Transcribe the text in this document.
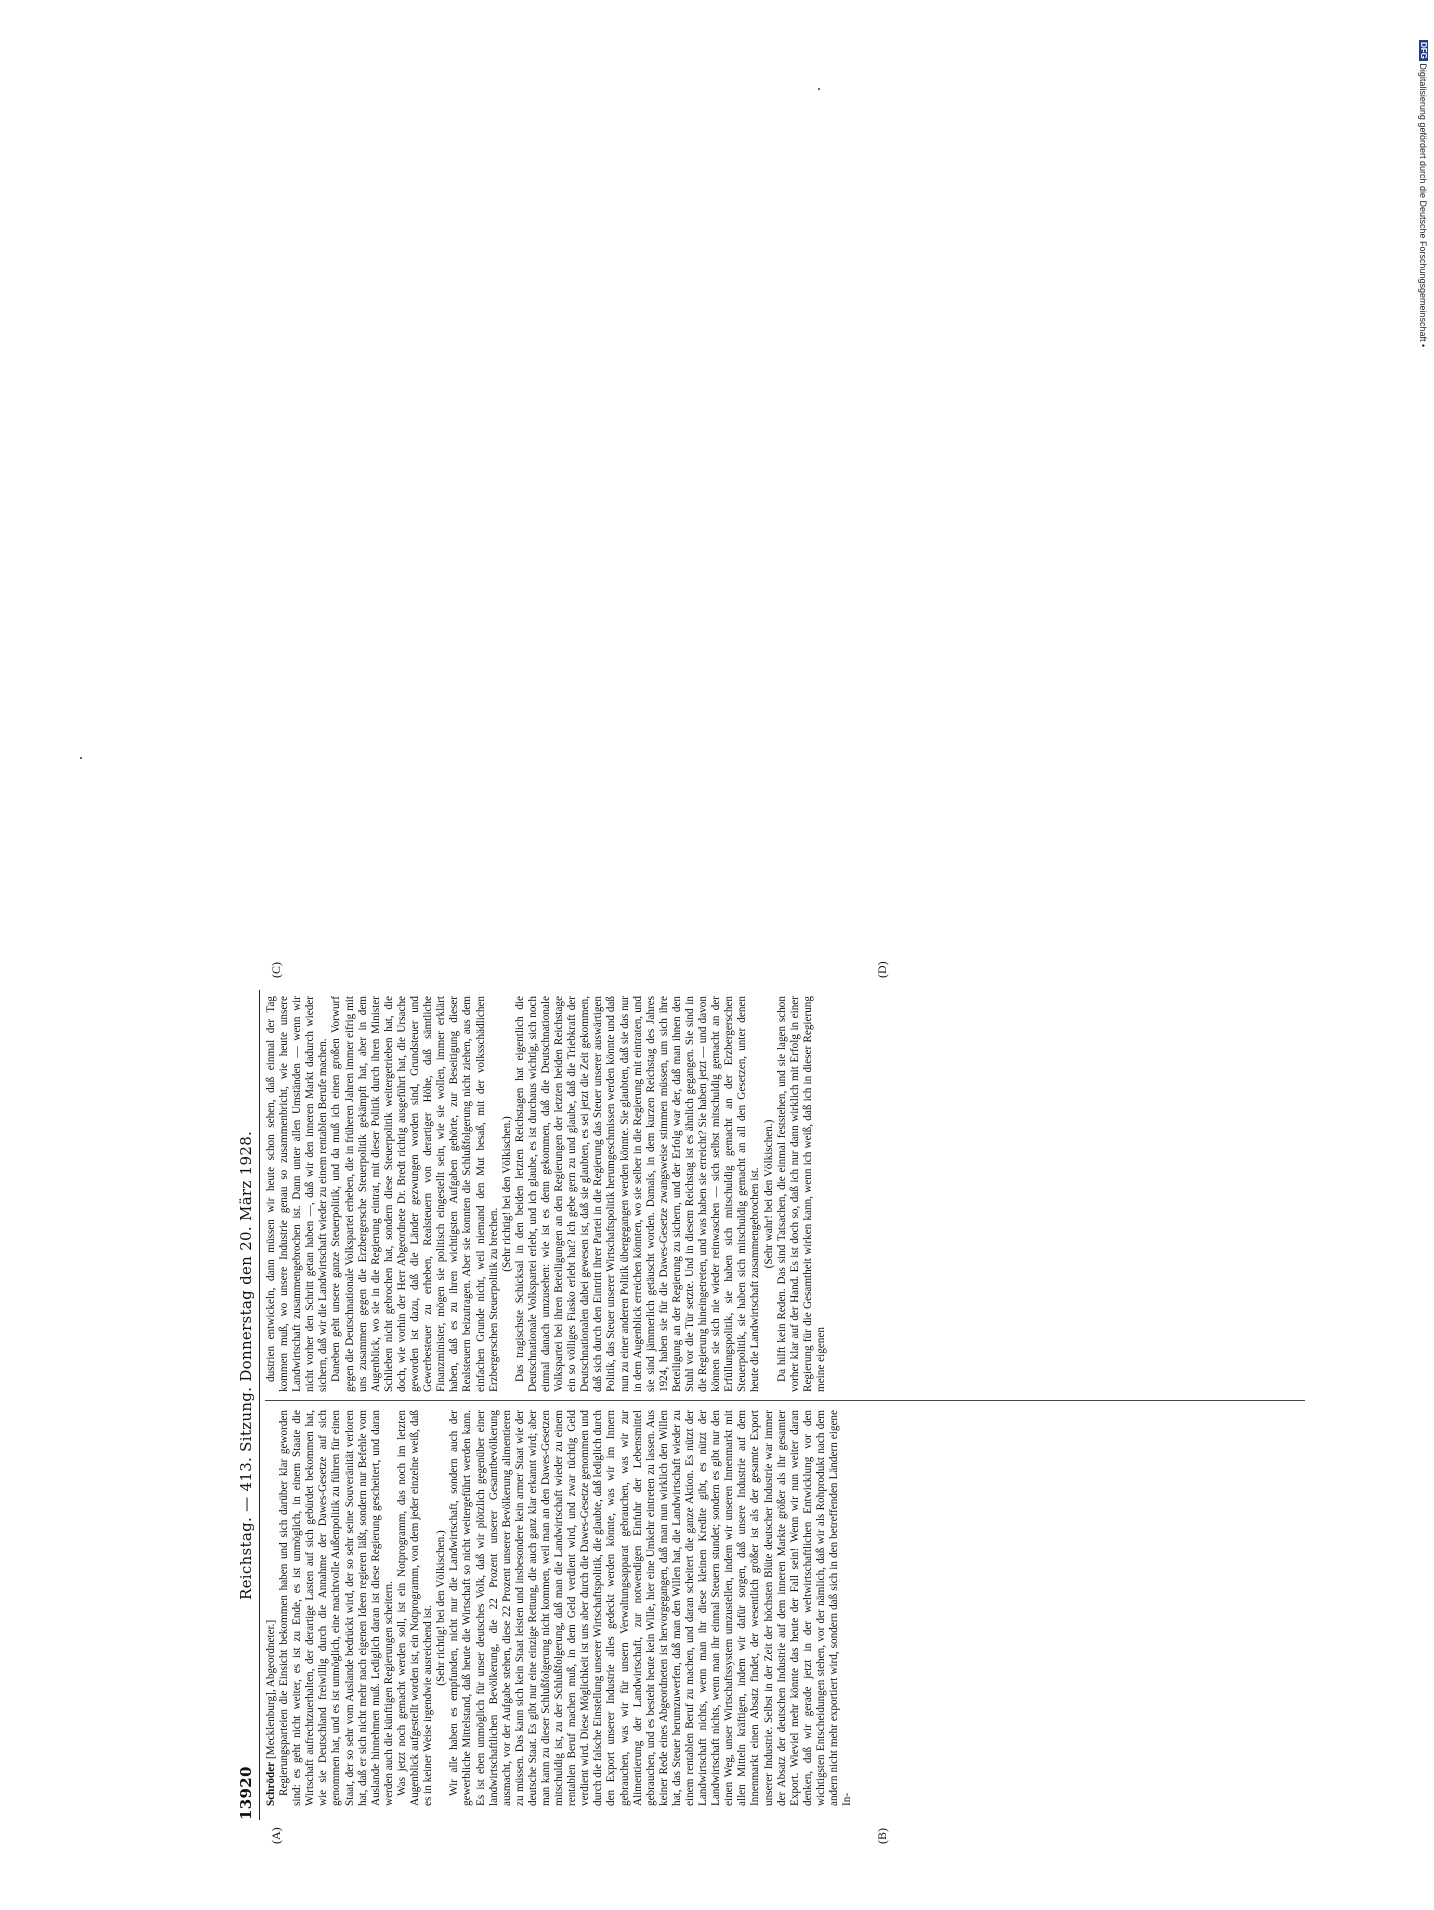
13920
Reichstag. — 413. Sitzung. Donnerstag den 20. März 1928.

Schröder [Mecklenburg], Abgeordneter.] Regierungsparteien die Einsicht bekommen haben und sich darüber klar geworden sind: es geht nicht weiter, es ist zu Ende, es ist unmöglich, in einem Staate die Wirtschaft aufrechtzuerhalten, der derartige Lasten auf sich gebürdet bekommen hat, wie sie Deutschland freiwillig durch die Annahme der Dawes-Gesetze auf sich genommen hat, und es ist unmöglich, eine machtvolle Außenpolitik zu führen für einen Staat, der so sehr vom Auslande bedrückt wird, der so sehr seine Souveränität verloren hat, daß er sich nicht mehr nach eigenen Ideen regieren läßt, sondern nur Befehle vom Auslande hinnehmen muß. Lediglich daran ist diese Regierung gescheitert, und daran werden auch die künftigen Regierungen scheitern. Was jetzt noch gemacht werden soll, ist ein Notprogramm, das noch im letzten Augenblick aufgestellt worden ist, ein Notprogramm, von dem jeder einzelne weiß, daß es in keiner Weise irgendwie ausreichend ist. (Sehr richtig! bei den Völkischen.) Wir alle haben es empfunden, nicht nur die Landwirtschaft, sondern auch der gewerbliche Mittelstand, daß heute die Wirtschaft so nicht weitergeführt werden kann. Es ist eben unmöglich für unser deutsches Volk, daß wir plötzlich gegenüber einer landwirtschaftlichen Bevölkerung, die 22 Prozent unserer Gesamtbevölkerung ausmacht, vor der Aufgabe stehen, diese 22 Prozent unserer Bevölkerung alimentieren zu müssen. Das kann sich kein Staat leisten und insbesondere kein armer Staat wie der deutsche Staat. Es gibt nur eine einzige Rettung, die auch ganz klar erkannt wird; aber man kann zu dieser Schlußfolgerung nicht kommen, weil man an den Dawes-Gesetzen mitschuldig ist, zu der Schlußfolgerung, daß man die Landwirtschaft wieder zu einem rentablen Beruf machen muß, in dem Geld verdient wird, und zwar tüchtig Geld verdient wird. Diese Möglichkeit ist uns aber durch die Dawes-Gesetze genommen und durch die falsche Einstellung unserer Wirtschaftspolitik, die glaubte, daß lediglich durch den Export unserer Industrie alles gedeckt werden könnte, was wir im Innern gebrauchen, was wir für unsern Verwaltungsapparat gebrauchen, was wir zur Alimentierung der Landwirtschaft, zur notwendigen Einfuhr der Lebensmittel gebrauchen, und es besteht heute kein Wille, hier eine Umkehr eintreten zu lassen. Aus keiner Rede eines Abgeordneten ist hervorgegangen, daß man nun wirklich den Willen hat, das Steuer herumzuwerfen, daß man den Willen hat, die Landwirtschaft wieder zu einem rentablen Beruf zu machen, und daran scheitert die ganze Aktion. Es nützt der Landwirtschaft nichts, wenn man ihr diese kleinen Kredite gibt, es nützt der Landwirtschaft nichts, wenn man ihr einmal Steuern stundet; sondern es gibt nur den einen Weg, unser Wirtschaftssystem umzustellen, indem wir unseren Innenmarkt mit allen Mitteln kräftigen, indem wir dafür sorgen, daß unsere Industrie auf dem Innenmarkt einen Absatz findet, der wesentlich größer ist als der gesamte Export unserer Industrie. Selbst in der Zeit der höchsten Blüte deutscher Industrie war immer der Absatz der deutschen Industrie auf dem inneren Markte größer als ihr gesamter Export. Wieviel mehr könnte das heute der Fall sein! Wenn wir nun weiter daran denken, daß wir gerade jetzt in der weltwirtschaftlichen Entwicklung vor den wichtigsten Entscheidungen stehen, vor der nämlich, daß wir als Rohprodukt nach dem andern nicht mehr exportiert wird, sondern daß sich in den betreffenden Ländern eigene In-

dustrien entwickeln, dann müssen wir heute schon sehen, daß einmal der Tag kommen muß, wo unsere Industrie genau so zusammenbricht, wie heute unsere Landwirtschaft zusammengebrochen ist. Dann unter allen Umständen — wenn wir nicht vorher den Schritt getan haben —, daß wir den inneren Markt dadurch wieder sichern, daß wir die Landwirtschaft wieder zu einem rentablen Berufe machen. Daneben geht unsere ganze Steuerpolitik, und da muß ich einen großen Vorwurf gegen die Deutschnationale Volkspartei erheben, die in früheren Jahren immer eifrig mit uns zusammen gegen die Erzbergersche Steuerpolitik gekämpft hat, aber in dem Augenblick, wo sie in die Regierung eintrat, mit dieser Politik durch ihren Minister Schlieben nicht gebrochen hat, sondern diese Steuerpolitik weitergetrieben hat, die doch, wie vorhin der Herr Abgeordnete Dr. Bredt richtig ausgeführt hat, die Ursache geworden ist dazu, daß die Länder gezwungen worden sind, Grundsteuer und Gewerbesteuer zu erheben, Realsteuern von derartiger Höhe, daß sämtliche Finanzminister, mögen sie politisch eingestellt sein, wie sie wollen, immer erklärt haben, daß es zu ihren wichtigsten Aufgaben gehörte, zur Beseitigung dieser Realsteuern beizutragen. Aber sie konnten die Schlußfolgerung nicht ziehen, aus dem einfachen Grunde nicht, weil niemand den Mut besaß, mit der volksschädlichen Erzbergerschen Steuerpolitik zu brechen.

(Sehr richtig! bei den Völkischen.) Das tragischste Schicksal in den beiden letzten Reichstagen hat eigentlich die Deutschnationale Volkspartei erlebt, und ich glaube, es ist durchaus wichtig, sich noch einmal danach umzusehen: wie ist es denn gekommen, daß die Deutschnationale Volkspartei bei ihren Beteiligungen an den Regierungen der letzten beiden Reichstage ein so völliges Fiasko erlebt hat? Ich gebe gern zu und glaube, daß die Triebkraft der Deutschnationalen dabei gewesen ist, daß sie glaubten, es sei jetzt die Zeit gekommen, daß sich durch den Eintritt ihrer Partei in die Regierung das Steuer unserer auswärtigen Politik, das Steuer unserer Wirtschaftspolitik herumgeschmissen werden könnte und daß nun zu einer anderen Politik übergegangen werden könnte. Sie glaubten, daß sie das nur in dem Augenblick erreichen könnten, wo sie selber in die Regierung mit eintraten, und sie sind jämmerlich getäuscht worden. Damals, in dem kurzen Reichstag des Jahres 1924, haben sie für die Dawes-Gesetze zwangsweise stimmen müssen, um sich ihre Beteiligung an der Regierung zu sichern, und der Erfolg war der, daß man ihnen den Stuhl vor die Tür setzte. Und in diesem Reichstag ist es ähnlich gegangen. Sie sind in die Regierung hineingetreten, und was haben sie erreicht? Sie haben jetzt — und davon können sie sich nie wieder reinwaschen — sich selbst mitschuldig gemacht an der Erfüllungspolitik, sie haben sich mitschuldig gemacht an der Erzbergerschen Steuerpolitik, sie haben sich mitschuldig gemacht an all den Gesetzen, unter denen heute die Landwirtschaft zusammengebrochen ist. (Sehr wahr! bei den Völkischen.) Da hilft kein Reden. Das sind Tatsachen, die einmal feststehen, und sie lagen schon vorher klar auf der Hand. Es ist doch so, daß ich nur dann wirklich mit Erfolg in einer Regierung für die Gesamtheit wirken kann, wenn ich weiß, daß ich in dieser Regierung meine eigenen

(A)	(B)
(C)	(D)
DFG Digitalisierung gefördert durch die Deutsche Forschungsgemeinschaft •
